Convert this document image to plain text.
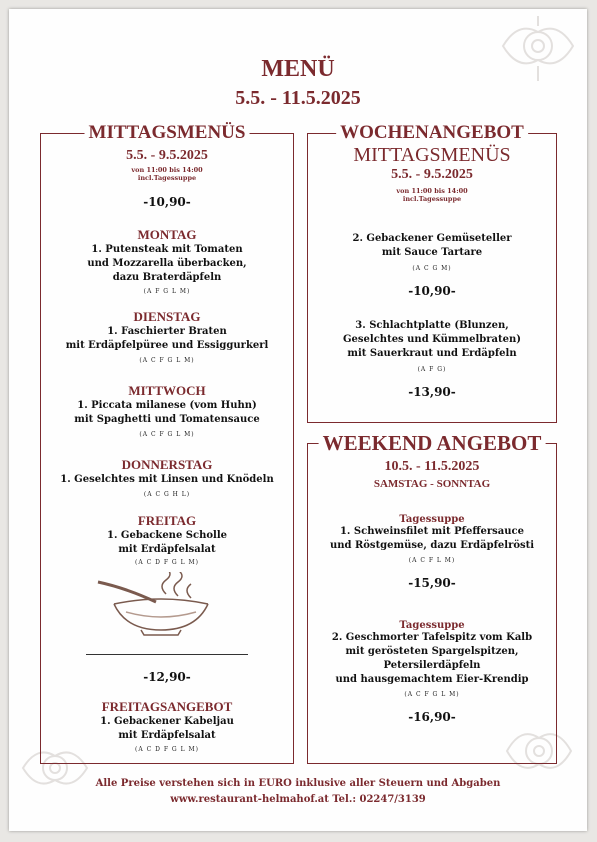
MENÜ
5.5. - 11.5.2025
MITTAGSMENÜS
5.5. - 9.5.2025
von 11:00 bis 14:00
incl.Tagessuppe
-10,90-
MONTAG
1. Putensteak mit Tomaten
und Mozzarella überbacken,
dazu Braterdäpfeln
(A F G L M)
DIENSTAG
1. Faschierter Braten
mit Erdäpfelpüree und Essiggurkerl
(A C F G L M)
MITTWOCH
1. Piccata milanese (vom Huhn)
mit Spaghetti und Tomatensauce
(A C F G L M)
DONNERSTAG
1. Geselchtes mit Linsen und Knödeln
(A C G H L)
FREITAG
1. Gebackene Scholle
mit Erdäpfelsalat
(A C D F G L M)
-12,90-
FREITAGSANGEBOT
1. Gebackener Kabeljau
mit Erdäpfelsalat
(A C D F G L M)
WOCHENANGEBOT
MITTAGSMENÜS
5.5. - 9.5.2025
von 11:00 bis 14:00
incl.Tagessuppe
2. Gebackener Gemüseteller
mit Sauce Tartare
(A C G M)
-10,90-
3. Schlachtplatte (Blunzen,
Geselchtes und Kümmelbraten)
mit Sauerkraut und Erdäpfeln
(A F G)
-13,90-
WEEKEND ANGEBOT
10.5. - 11.5.2025
SAMSTAG - SONNTAG
Tagessuppe
1. Schweinsfilet mit Pfeffersauce
und Röstgemüse, dazu Erdäpfelrösti
(A C F L M)
-15,90-
Tagessuppe
2. Geschmorter Tafelspitz vom Kalb
mit gerösteten Spargelspitzen,
Petersilerdäpfeln
und hausgemachtem Eier-Krendip
(A C F G L M)
-16,90-
Alle Preise verstehen sich in EURO inklusive aller Steuern und Abgaben
www.restaurant-helmahof.at Tel.: 02247/3139
